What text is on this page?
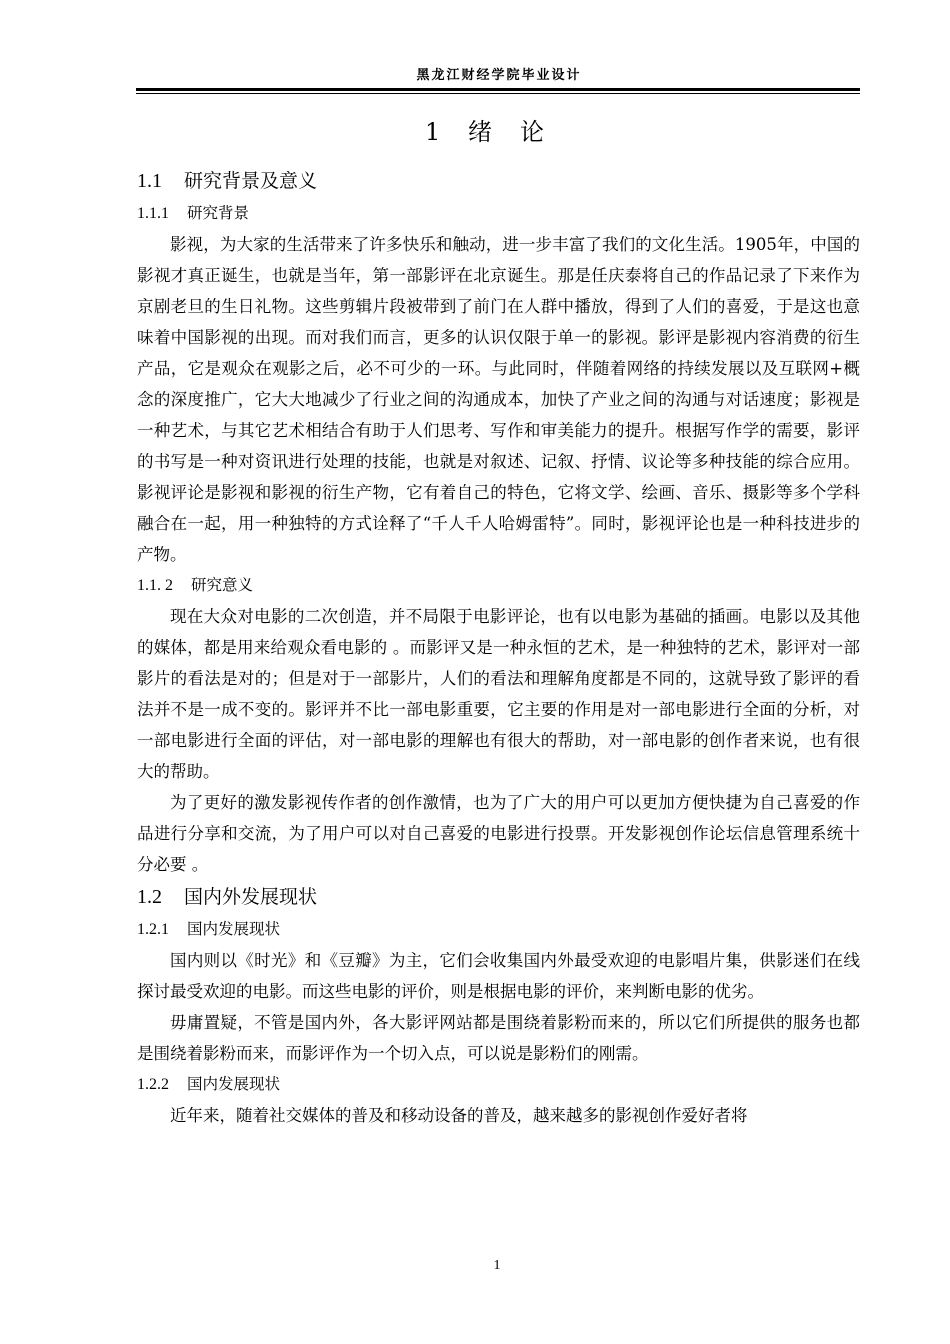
黑龙江财经学院毕业设计
1 绪论
1.1 研究背景及意义
1.1.1 研究背景

影视，为大家的生活带来了许多快乐和触动，进一步丰富了我们的文化生活。1905年，中国的影视才真正诞生，也就是当年，第一部影评在北京诞生。那是任庆泰将自己的作品记录了下来作为京剧老旦的生日礼物。这些剪辑片段被带到了前门在人群中播放，得到了人们的喜爱，于是这也意味着中国影视的出现。而对我们而言，更多的认识仅限于单一的影视。影评是影视内容消费的衍生产品，它是观众在观影之后，必不可少的一环。与此同时，伴随着网络的持续发展以及互联网+概念的深度推广，它大大地减少了行业之间的沟通成本，加快了产业之间的沟通与对话速度；影视是一种艺术，与其它艺术相结合有助于人们思考、写作和审美能力的提升。根据写作学的需要，影评的书写是一种对资讯进行处理的技能，也就是对叙述、记叙、抒情、议论等多种技能的综合应用。影视评论是影视和影视的衍生产物，它有着自己的特色，它将文学、绘画、音乐、摄影等多个学科融合在一起，用一种独特的方式诠释了“千人千人哈姆雷特”。同时，影视评论也是一种科技进步的产物。

1.1. 2 研究意义

现在大众对电影的二次创造，并不局限于电影评论，也有以电影为基础的插画。电影以及其他的媒体，都是用来给观众看电影的 。而影评又是一种永恒的艺术，是一种独特的艺术，影评对一部影片的看法是对的；但是对于一部影片，人们的看法和理解角度都是不同的，这就导致了影评的看法并不是一成不变的。影评并不比一部电影重要，它主要的作用是对一部电影进行全面的分析，对一部电影进行全面的评估，对一部电影的理解也有很大的帮助，对一部电影的创作者来说，也有很大的帮助。

为了更好的激发影视传作者的创作激情，也为了广大的用户可以更加方便快捷为自己喜爱的作品进行分享和交流，为了用户可以对自己喜爱的电影进行投票。开发影视创作论坛信息管理系统十分必要 。

1.2 国内外发展现状
1.2.1 国内发展现状

国内则以《时光》和《豆瓣》为主，它们会收集国内外最受欢迎的电影唱片集，供影迷们在线探讨最受欢迎的电影。而这些电影的评价，则是根据电影的评价，来判断电影的优劣。

毋庸置疑，不管是国内外，各大影评网站都是围绕着影粉而来的，所以它们所提供的服务也都是围绕着影粉而来，而影评作为一个切入点，可以说是影粉们的刚需。

1.2.2 国内发展现状

近年来，随着社交媒体的普及和移动设备的普及，越来越多的影视创作爱好者将

1
